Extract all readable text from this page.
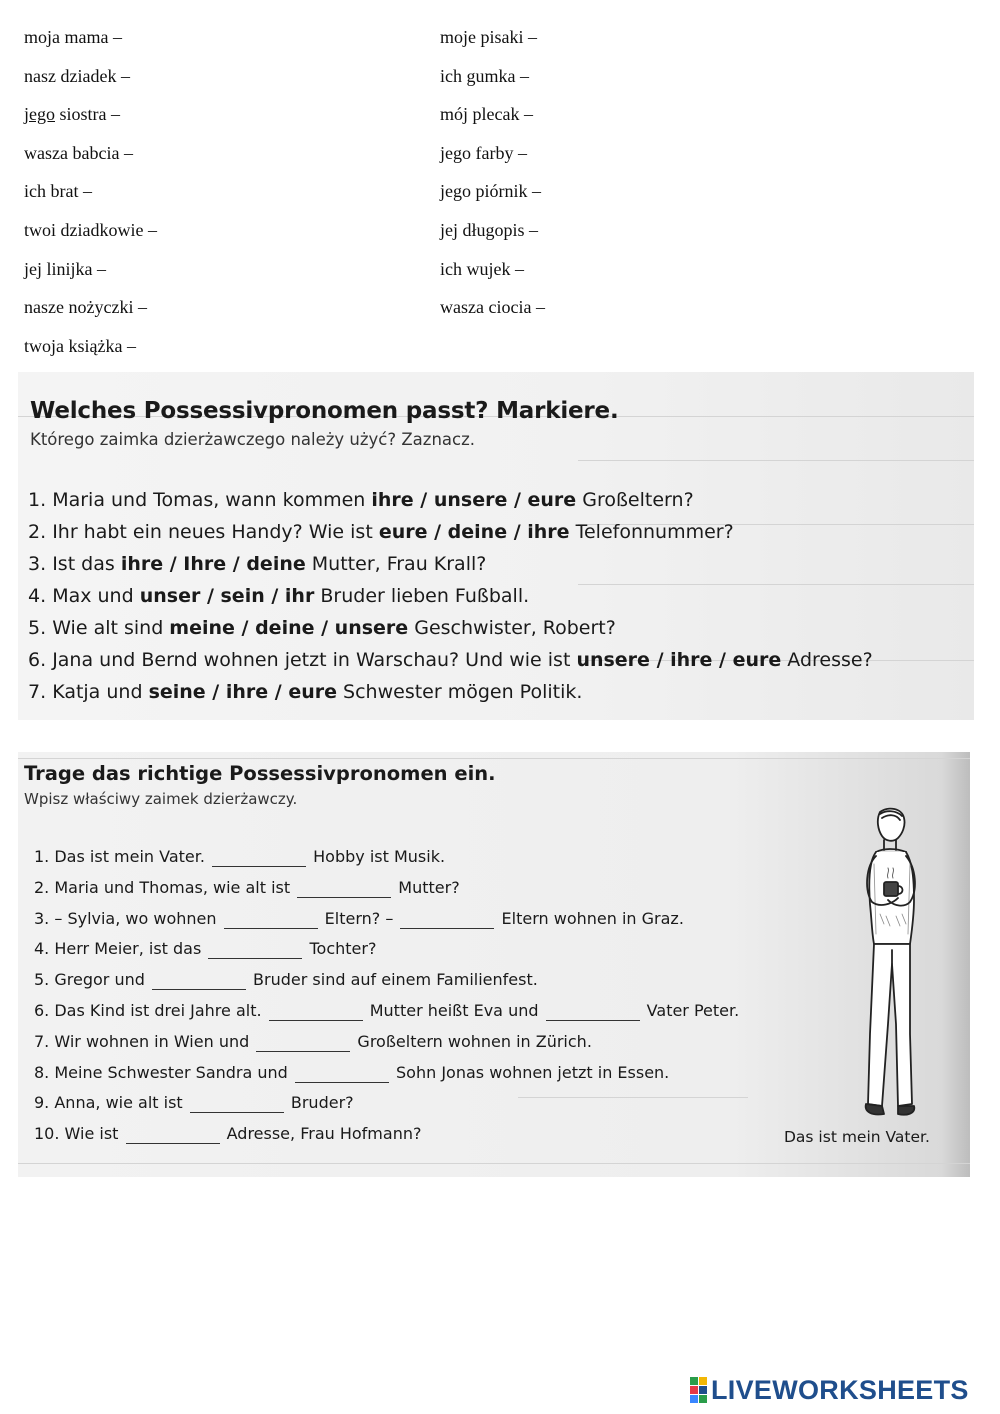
moja mama –
nasz dziadek –
jego siostra –
wasza babcia –
ich brat –
twoi dziadkowie –
jej linijka –
nasze nożyczki –
twoja książka –
moje pisaki –
ich gumka –
mój plecak –
jego farby –
jego piórnik –
jej długopis –
ich wujek –
wasza ciocia –
Welches Possessivpronomen passt? Markiere.
Którego zaimka dzierżawczego należy użyć? Zaznacz.
1. Maria und Tomas, wann kommen ihre / unsere / eure Großeltern?
2. Ihr habt ein neues Handy? Wie ist eure / deine / ihre Telefonnummer?
3. Ist das ihre / Ihre / deine Mutter, Frau Krall?
4. Max und unser / sein / ihr Bruder lieben Fußball.
5. Wie alt sind meine / deine / unsere Geschwister, Robert?
6. Jana und Bernd wohnen jetzt in Warschau? Und wie ist unsere / ihre / eure Adresse?
7. Katja und seine / ihre / eure Schwester mögen Politik.
Trage das richtige Possessivpronomen ein.
Wpisz właściwy zaimek dzierżawczy.
1. Das ist mein Vater.	Hobby ist Musik.
2. Maria und Thomas, wie alt ist	Mutter?
3. – Sylvia, wo wohnen	Eltern? –	Eltern wohnen in Graz.
4. Herr Meier, ist das	Tochter?
5. Gregor und	Bruder sind auf einem Familienfest.
6. Das Kind ist drei Jahre alt.	Mutter heißt Eva und	Vater Peter.
7. Wir wohnen in Wien und	Großeltern wohnen in Zürich.
8. Meine Schwester Sandra und	Sohn Jonas wohnen jetzt in Essen.
9. Anna, wie alt ist	Bruder?
10. Wie ist	Adresse, Frau Hofmann?	Das ist mein Vater.
LIVEWORKSHEETS
